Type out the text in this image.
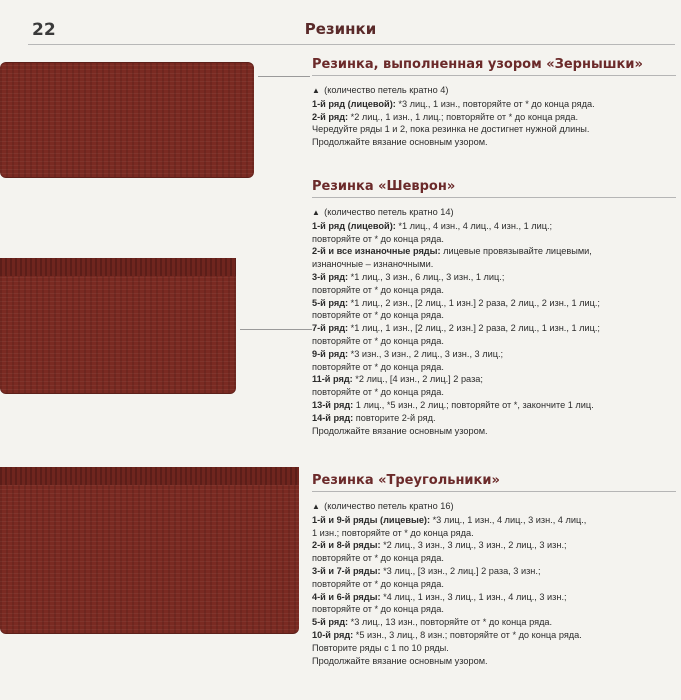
22	Резинки
Резинка, выполненная узором «Зернышки»
▲ (количество петель кратно 4)
1-й ряд (лицевой): *3 лиц., 1 изн., повторяйте от * до конца ряда.
2-й ряд: *2 лиц., 1 изн., 1 лиц.; повторяйте от * до конца ряда.
Чередуйте ряды 1 и 2, пока резинка не достигнет нужной длины.
Продолжайте вязание основным узором.
Резинка «Шеврон»
▲ (количество петель кратно 14)
1-й ряд (лицевой): *1 лиц., 4 изн., 4 лиц., 4 изн., 1 лиц.;
повторяйте от * до конца ряда.
2-й и все изнаночные ряды: лицевые провязывайте лицевыми,
изнаночные – изнаночными.
3-й ряд: *1 лиц., 3 изн., 6 лиц., 3 изн., 1 лиц.;
повторяйте от * до конца ряда.
5-й ряд: *1 лиц., 2 изн., [2 лиц., 1 изн.] 2 раза, 2 лиц., 2 изн., 1 лиц.;
повторяйте от * до конца ряда.
7-й ряд: *1 лиц., 1 изн., [2 лиц., 2 изн.] 2 раза, 2 лиц., 1 изн., 1 лиц.;
повторяйте от * до конца ряда.
9-й ряд: *3 изн., 3 изн., 2 лиц., 3 изн., 3 лиц.;
повторяйте от * до конца ряда.
11-й ряд: *2 лиц., [4 изн., 2 лиц.] 2 раза;
повторяйте от * до конца ряда.
13-й ряд: 1 лиц., *5 изн., 2 лиц.; повторяйте от *, закончите 1 лиц.
14-й ряд: повторите 2-й ряд.
Продолжайте вязание основным узором.
Резинка «Треугольники»
▲ (количество петель кратно 16)
1-й и 9-й ряды (лицевые): *3 лиц., 1 изн., 4 лиц., 3 изн., 4 лиц.,
1 изн.; повторяйте от * до конца ряда.
2-й и 8-й ряды: *2 лиц., 3 изн., 3 лиц., 3 изн., 2 лиц., 3 изн.;
повторяйте от * до конца ряда.
3-й и 7-й ряды: *3 лиц., [3 изн., 2 лиц.] 2 раза, 3 изн.;
повторяйте от * до конца ряда.
4-й и 6-й ряды: *4 лиц., 1 изн., 3 лиц., 1 изн., 4 лиц., 3 изн.;
повторяйте от * до конца ряда.
5-й ряд: *3 лиц., 13 изн., повторяйте от * до конца ряда.
10-й ряд: *5 изн., 3 лиц., 8 изн.; повторяйте от * до конца ряда.
Повторите ряды с 1 по 10 ряды.
Продолжайте вязание основным узором.
